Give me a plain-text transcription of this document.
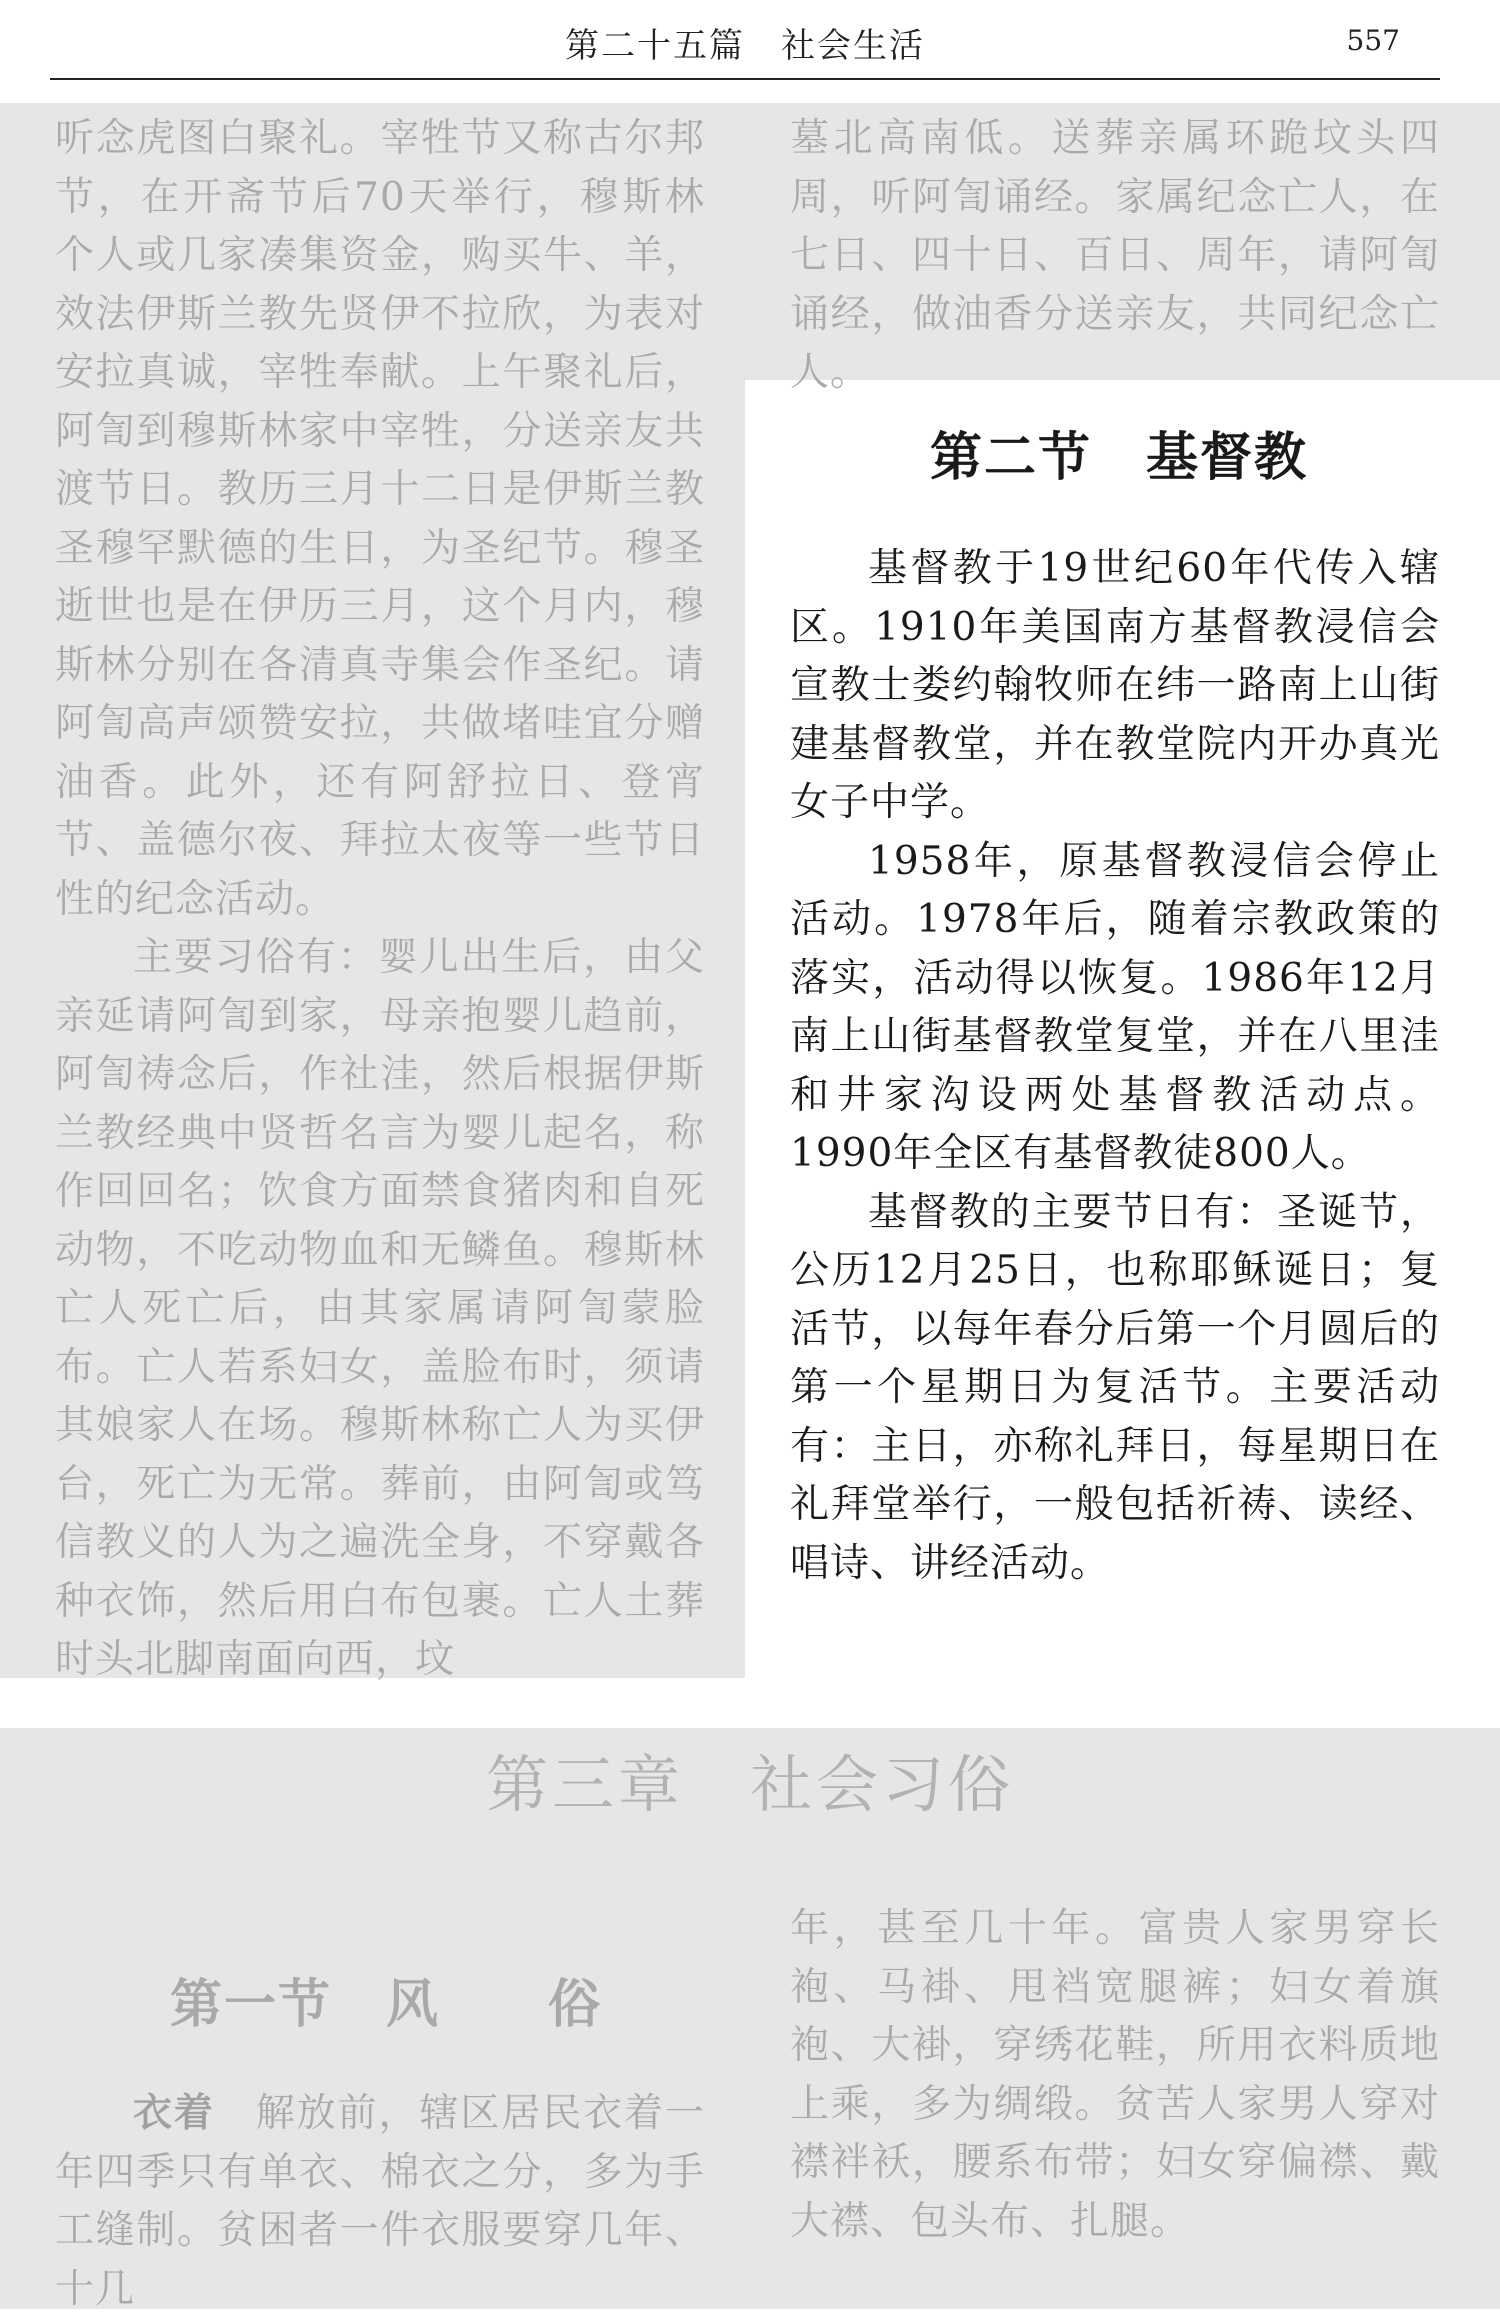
第二十五篇　社会生活	557

听念虎图白聚礼。宰牲节又称古尔邦节，在开斋节后70天举行，穆斯林个人或几家凑集资金，购买牛、羊，效法伊斯兰教先贤伊不拉欣，为表对安拉真诚，宰牲奉献。上午聚礼后，阿訇到穆斯林家中宰牲，分送亲友共渡节日。教历三月十二日是伊斯兰教圣穆罕默德的生日，为圣纪节。穆圣逝世也是在伊历三月，这个月内，穆斯林分别在各清真寺集会作圣纪。请阿訇高声颂赞安拉，共做堵哇宜分赠油香。此外，还有阿舒拉日、登宵节、盖德尔夜、拜拉太夜等一些节日性的纪念活动。

主要习俗有：婴儿出生后，由父亲延请阿訇到家，母亲抱婴儿趋前，阿訇祷念后，作社洼，然后根据伊斯兰教经典中贤哲名言为婴儿起名，称作回回名；饮食方面禁食猪肉和自死动物，不吃动物血和无鳞鱼。穆斯林亡人死亡后，由其家属请阿訇蒙脸布。亡人若系妇女，盖脸布时，须请其娘家人在场。穆斯林称亡人为买伊台，死亡为无常。葬前，由阿訇或笃信教义的人为之遍洗全身，不穿戴各种衣饰，然后用白布包裹。亡人土葬时头北脚南面向西，坟

墓北高南低。送葬亲属环跪坟头四周，听阿訇诵经。家属纪念亡人，在七日、四十日、百日、周年，请阿訇诵经，做油香分送亲友，共同纪念亡人。

第二节　基督教

基督教于19世纪60年代传入辖区。1910年美国南方基督教浸信会宣教士娄约翰牧师在纬一路南上山街建基督教堂，并在教堂院内开办真光女子中学。

1958年，原基督教浸信会停止活动。1978年后，随着宗教政策的落实，活动得以恢复。1986年12月南上山街基督教堂复堂，并在八里洼和井家沟设两处基督教活动点。1990年全区有基督教徒800人。

基督教的主要节日有：圣诞节，公历12月25日，也称耶稣诞日；复活节，以每年春分后第一个月圆后的第一个星期日为复活节。主要活动有：主日，亦称礼拜日，每星期日在礼拜堂举行，一般包括祈祷、读经、唱诗、讲经活动。

第三章　社会习俗
第一节　风　　俗

衣着　 解放前，辖区居民衣着一年四季只有单衣、棉衣之分，多为手工缝制。贫困者一件衣服要穿几年、十几

年，甚至几十年。富贵人家男穿长袍、马褂、甩裆宽腿裤；妇女着旗袍、大褂，穿绣花鞋，所用衣料质地上乘，多为绸缎。贫苦人家男人穿对襟袢袄，腰系布带；妇女穿偏襟、戴大襟、包头布、扎腿。
